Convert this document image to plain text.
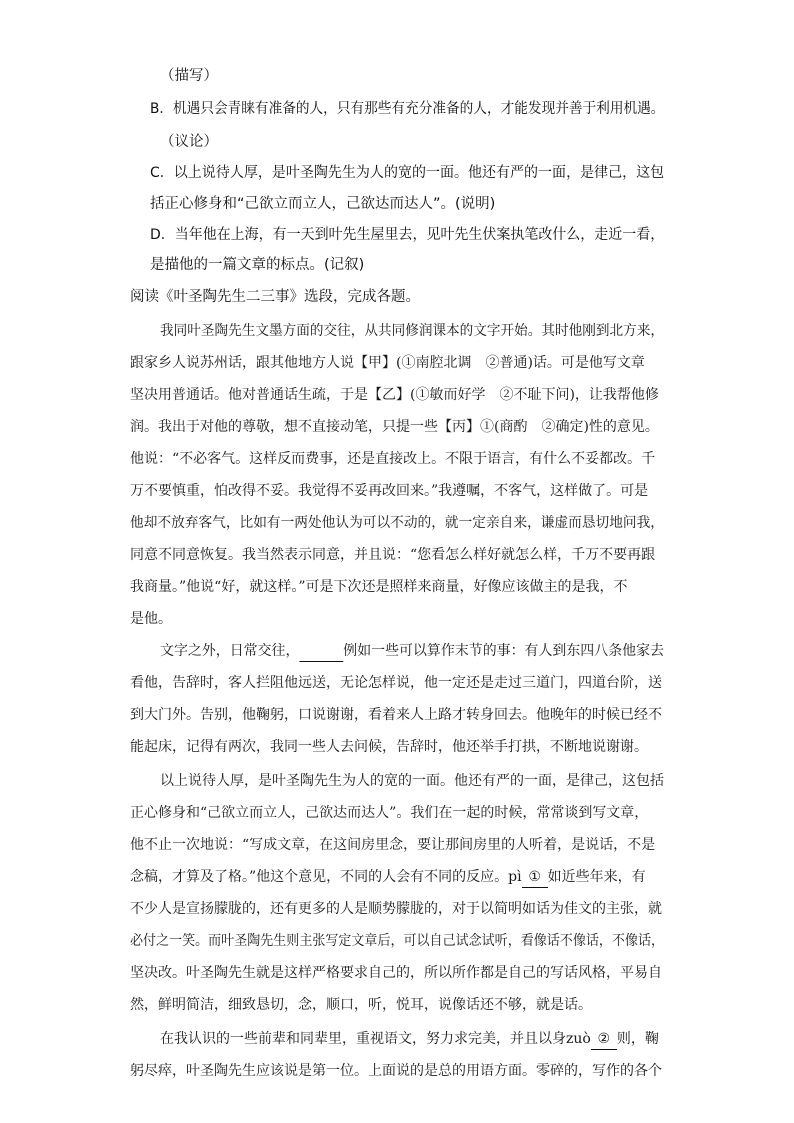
（描写）
B．机遇只会青睐有准备的人，只有那些有充分准备的人，才能发现并善于利用机遇。
（议论）
C．以上说待人厚，是叶圣陶先生为人的宽的一面。他还有严的一面，是律己，这包
括正心修身和“己欲立而立人，己欲达而达人”。(说明)
D．当年他在上海，有一天到叶先生屋里去，见叶先生伏案执笔改什么，走近一看，
是描他的一篇文章的标点。(记叙)
阅读《叶圣陶先生二三事》选段，完成各题。
我同叶圣陶先生文墨方面的交往，从共同修润课本的文字开始。其时他刚到北方来，
跟家乡人说苏州话，跟其他地方人说【甲】(①南腔北调　②普通)话。可是他写文章
坚决用普通话。他对普通话生疏，于是【乙】(①敏而好学　②不耻下问)，让我帮他修
润。我出于对他的尊敬，想不直接动笔，只提一些【丙】①(商酌　②确定)性的意见。
他说：“不必客气。这样反而费事，还是直接改上。不限于语言，有什么不妥都改。千
万不要慎重，怕改得不妥。我觉得不妥再改回来。”我遵嘱，不客气，这样做了。可是
他却不放弃客气，比如有一两处他认为可以不动的，就一定亲自来，谦虚而恳切地问我，
同意不同意恢复。我当然表示同意，并且说：“您看怎么样好就怎么样，千万不要再跟
我商量。”他说“好，就这样。”可是下次还是照样来商量，好像应该做主的是我，不
是他。
文字之外，日常交往，	例如一些可以算作末节的事：有人到东四八条他家去
看他，告辞时，客人拦阻他远送，无论怎样说，他一定还是走过三道门，四道台阶，送
到大门外。告别，他鞠躬，口说谢谢，看着来人上路才转身回去。他晚年的时候已经不
能起床，记得有两次，我同一些人去问候，告辞时，他还举手打拱，不断地说谢谢。
以上说待人厚，是叶圣陶先生为人的宽的一面。他还有严的一面，是律己，这包括
正心修身和“己欲立而立人，己欲达而达人”。我们在一起的时候，常常谈到写文章，
他不止一次地说：“写成文章，在这间房里念，要让那间房里的人听着，是说话，不是
念稿，才算及了格。”他这个意见，不同的人会有不同的反应。pì ① 如近些年来，有
不少人是宣扬朦胧的，还有更多的人是顺势朦胧的，对于以简明如话为佳文的主张，就
必付之一笑。而叶圣陶先生则主张写定文章后，可以自己试念试听，看像话不像话，不像话，
坚决改。叶圣陶先生就是这样严格要求自己的，所以所作都是自己的写话风格，平易自
然，鲜明简洁，细致恳切，念，顺口，听，悦耳，说像话还不够，就是话。
在我认识的一些前辈和同辈里，重视语文，努力求完美，并且以身zuò ② 则，鞠
躬尽瘁，叶圣陶先生应该说是第一位。上面说的是总的用语方面。零碎的，写作的各个
